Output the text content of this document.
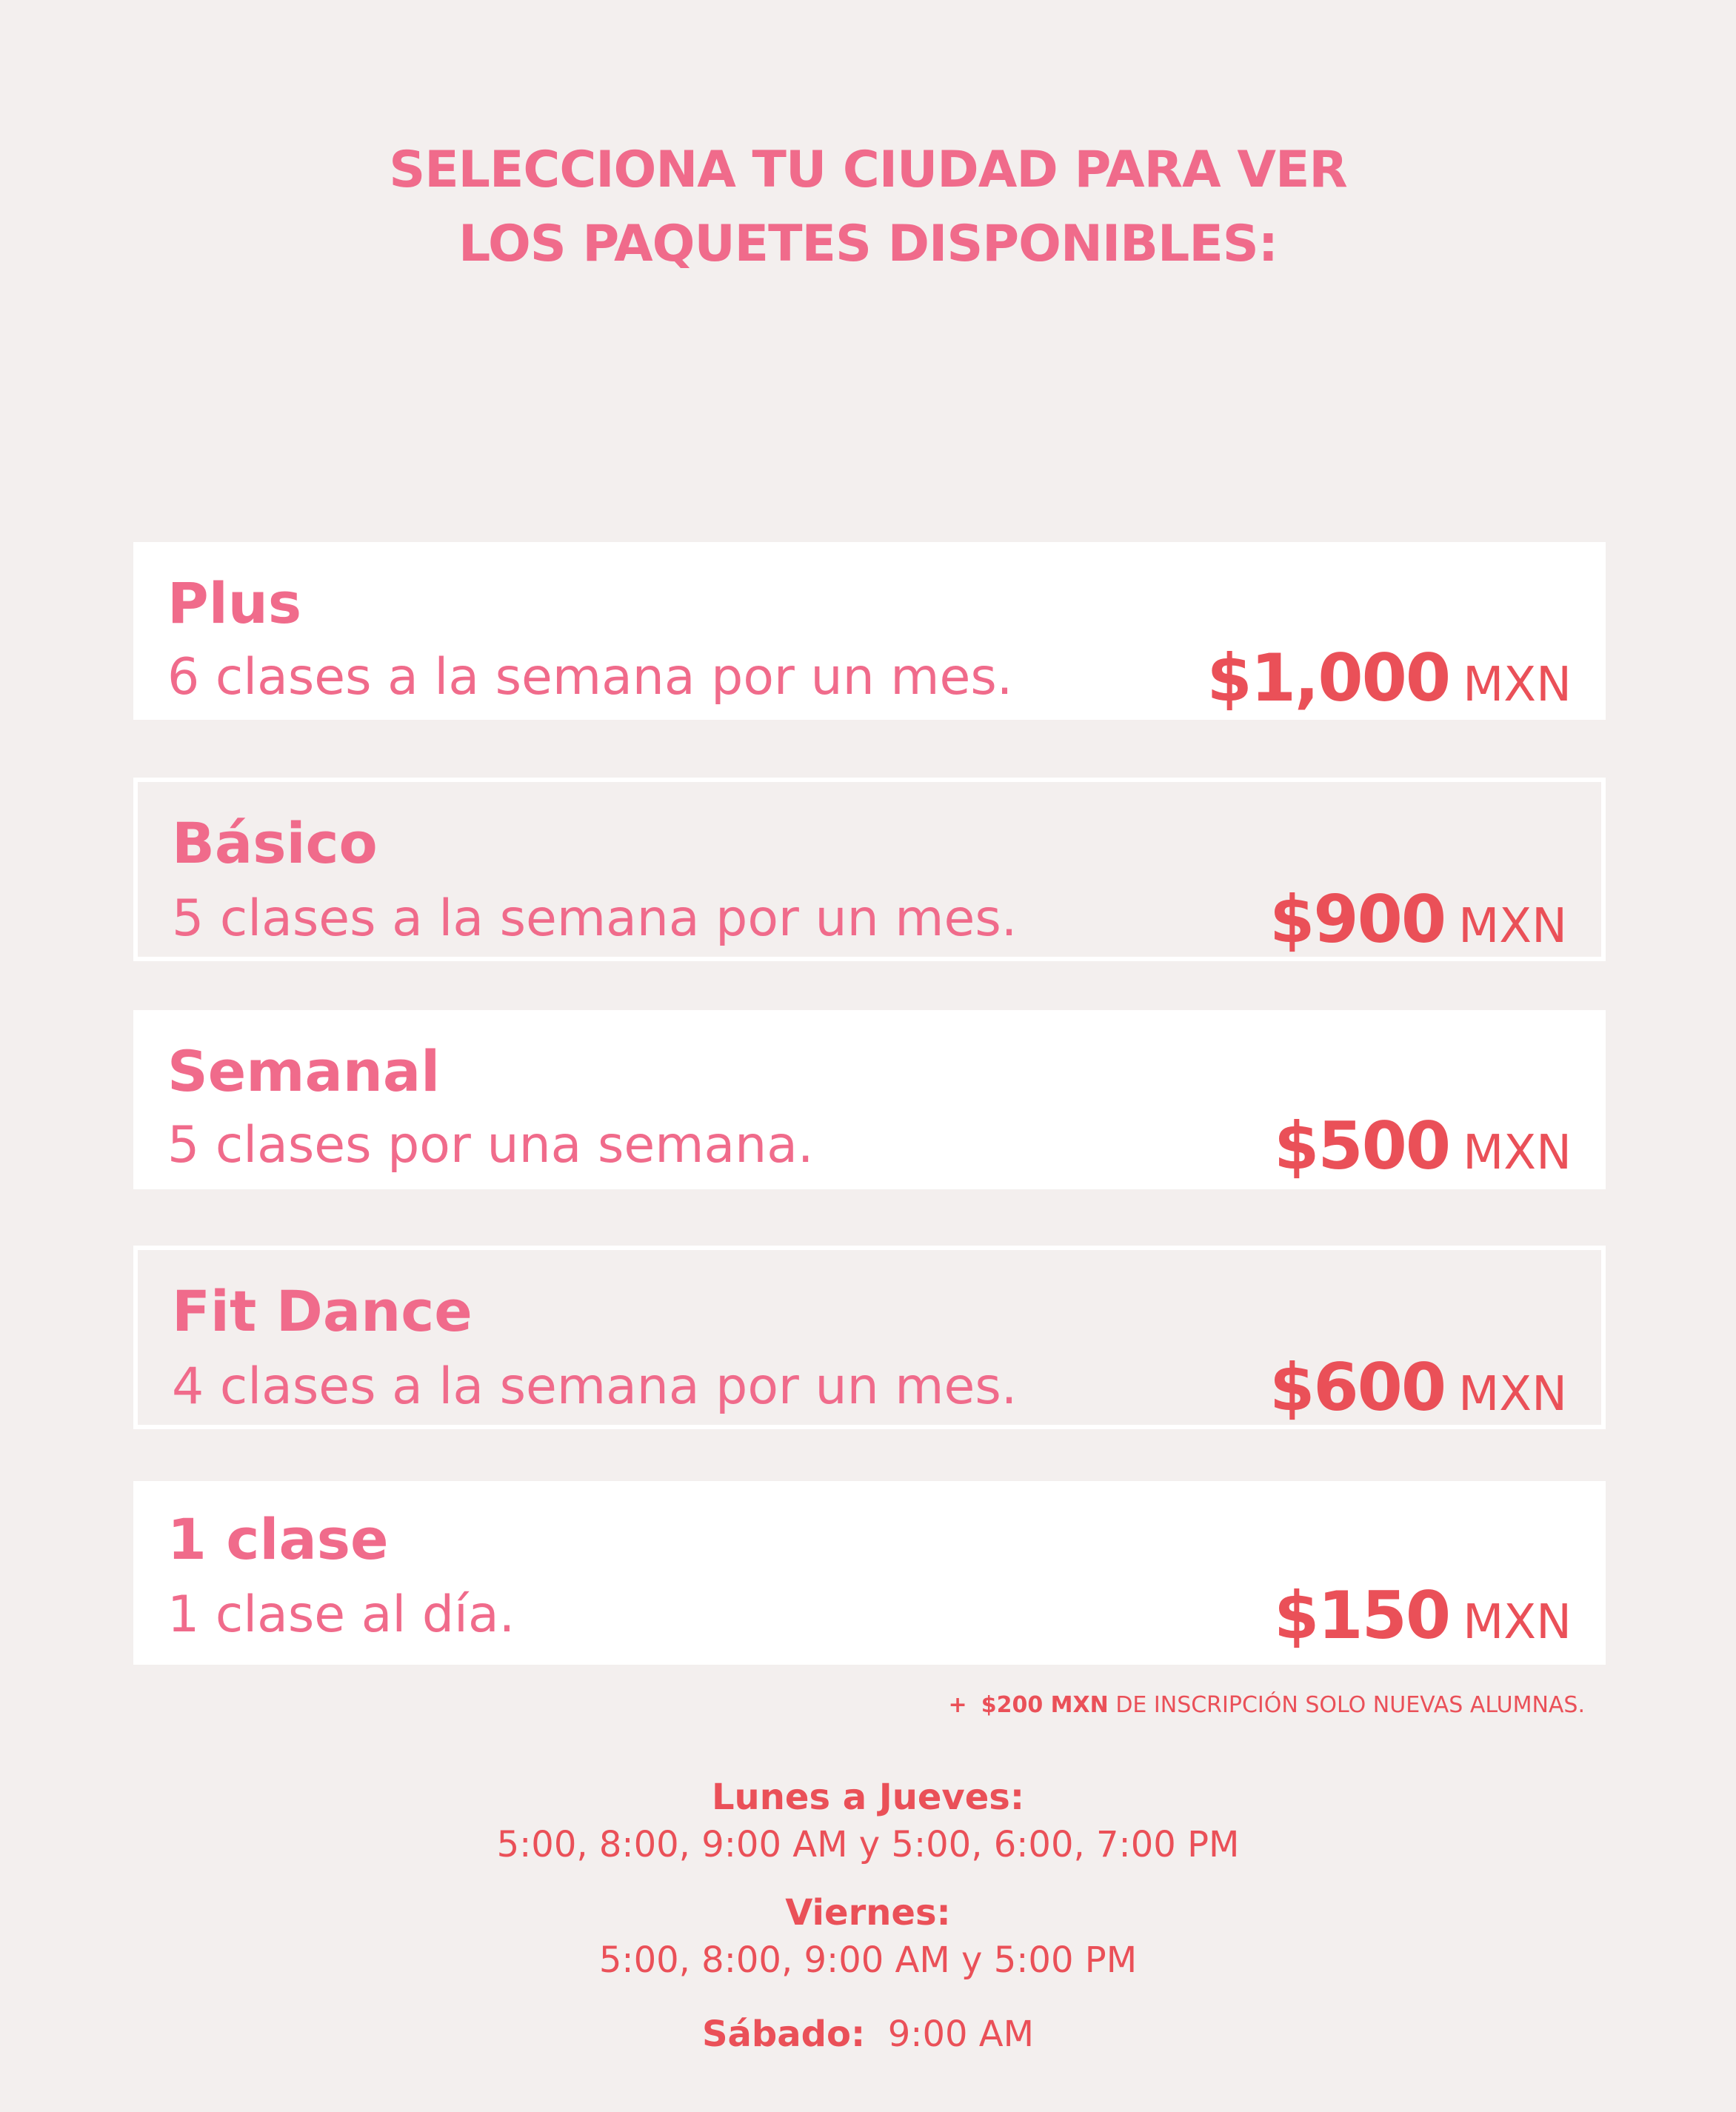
SELECCIONA TU CIUDAD PARA VER
LOS PAQUETES DISPONIBLES:
Plus
6 clases a la semana por un mes.	$1,000 MXN
Básico
5 clases a la semana por un mes.	$900 MXN
Semanal
5 clases por una semana.	$500 MXN
Fit Dance
4 clases a la semana por un mes.	$600 MXN
1 clase
1 clase al día.	$150 MXN
+ $200 MXN DE INSCRIPCIÓN SOLO NUEVAS ALUMNAS.
Lunes a Jueves:
5:00, 8:00, 9:00 AM y 5:00, 6:00, 7:00 PM
Viernes:
5:00, 8:00, 9:00 AM y 5:00 PM
Sábado: 9:00 AM
